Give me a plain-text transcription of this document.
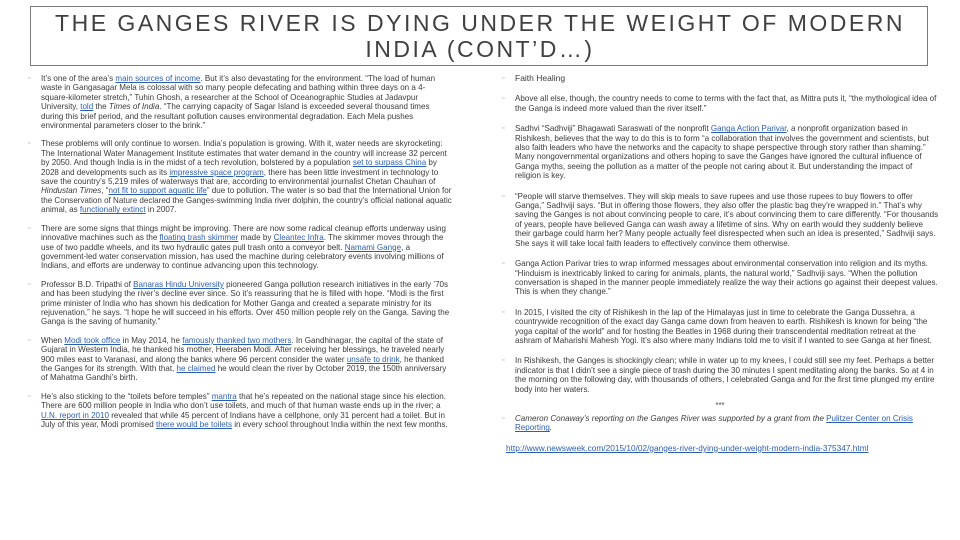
THE GANGES RIVER IS DYING UNDER THE WEIGHT OF MODERN INDIA (CONT’D…)
▫ It’s one of the area’s main sources of income. But it’s also devastating for the environment. “The load of human waste in Gangasagar Mela is colossal with so many people defecating and bathing within three days on a 4-square-kilometer stretch,” Tuhin Ghosh, a researcher at the School of Oceanographic Studies at Jadavpur University, told the Times of India. “The carrying capacity of Sagar Island is exceeded several thousand times during this brief period, and the resultant pollution causes environmental degradation. Each Mela pushes environmental parameters closer to the brink.”
▫ These problems will only continue to worsen. India’s population is growing. With it, water needs are skyrocketing: The International Water Management Institute estimates that water demand in the country will increase 32 percent by 2050. And though India is in the midst of a tech revolution, bolstered by a population set to surpass China by 2028 and developments such as its impressive space program, there has been little investment in technology to save the country’s 5,219 miles of waterways that are, according to environmental journalist Chetan Chauhan of Hindustan Times, “not fit to support aquatic life” due to pollution. The water is so bad that the International Union for the Conservation of Nature declared the Ganges-swimming India river dolphin, the country’s official national aquatic animal, as functionally extinct in 2007.
▫ There are some signs that things might be improving. There are now some radical cleanup efforts underway using innovative machines such as the floating trash skimmer made by Cleantec Infra. The skimmer moves through the use of two paddle wheels, and its two hydraulic gates pull trash onto a conveyor belt. Namami Gange, a government-led water conservation mission, has used the machine during celebratory events involving millions of Indians, and efforts are underway to continue advancing upon this technology.
▫ Professor B.D. Tripathi of Banaras Hindu University pioneered Ganga pollution research initiatives in the early ’70s and has been studying the river’s decline ever since. So it’s reassuring that he is filled with hope. “Modi is the first prime minister of India who has shown his dedication for Mother Ganga and created a separate ministry for its rejuvenation,” he says. “I hope he will succeed in his efforts. Over 450 million people rely on the Ganga. Saving the Ganga is the saving of humanity.”
▫ When Modi took office in May 2014, he famously thanked two mothers. In Gandhinagar, the capital of the state of Gujarat in Western India, he thanked his mother, Heeraben Modi. After receiving her blessings, he traveled nearly 900 miles east to Varanasi, and along the banks where 96 percent consider the water unsafe to drink, he thanked the Ganges for its strength. With that, he claimed he would clean the river by October 2019, the 150th anniversary of Mahatma Gandhi’s birth.
▫ He’s also sticking to the “toilets before temples” mantra that he’s repeated on the national stage since his election. There are 600 million people in India who don’t use toilets, and much of that human waste ends up in the river; a U.N. report in 2010 revealed that while 45 percent of Indians have a cellphone, only 31 percent had a toilet. But in July of this year, Modi promised there would be toilets in every school throughout India within the next few months.
▫ Faith Healing
▫ Above all else, though, the country needs to come to terms with the fact that, as Mittra puts it, “the mythological idea of the Ganga is indeed more valued than the river itself.”
▫ Sadhvi “Sadhviji” Bhagawati Saraswati of the nonprofit Ganga Action Parivar, a nonprofit organization based in Rishikesh, believes that the way to do this is to form “a collaboration that involves the government and scientists, but also faith leaders who have the networks and the capacity to shape perspective through story rather than shaming.” Many nongovernmental organizations and others hoping to save the Ganges have ignored the cultural influence of Ganga myths, seeing the pollution as a matter of the people not caring about it. But understanding the impact of religion is key.
▫ “People will starve themselves. They will skip meals to save rupees and use those rupees to buy flowers to offer Ganga,” Sadhviji says. “But in offering those flowers, they also offer the plastic bag they’re wrapped in.” That’s why saving the Ganges is not about convincing people to care, it’s about convincing them to care differently. “For thousands of years, people have believed Ganga can wash away a lifetime of sins. Why on earth would they suddenly believe their garbage could harm her? Many people actually feel disrespected when such an idea is presented,” Sadhviji says. She says it will take local faith leaders to effectively convince them otherwise.
▫ Ganga Action Parivar tries to wrap informed messages about environmental conservation into religion and its myths. “Hinduism is inextricably linked to caring for animals, plants, the natural world,” Sadhviji says. “When the pollution conversation is shaped in the manner people immediately realize the way their actions go against their deepest values. This is when they change.”
▫ In 2015, I visited the city of Rishikesh in the lap of the Himalayas just in time to celebrate the Ganga Dussehra, a countrywide recognition of the exact day Ganga came down from heaven to earth. Rishikesh is known for being “the yoga capital of the world” and for hosting the Beatles in 1968 during their transcendental meditation retreat at the ashram of Maharishi Mahesh Yogi. It’s also where many Indians told me to visit if I wanted to see Ganga at her finest.
▫ In Rishikesh, the Ganges is shockingly clean; while in water up to my knees, I could still see my feet. Perhaps a better indicator is that I didn’t see a single piece of trash during the 30 minutes I spent meditating along the banks. So at 4 in the morning on the following day, with thousands of others, I celebrated Ganga and for the first time plunged my entire body into her waters.
***
▫ Cameron Conaway’s reporting on the Ganges River was supported by a grant from the Pulitzer Center on Crisis Reporting.
http://www.newsweek.com/2015/10/02/ganges-river-dying-under-weight-modern-india-375347.html
